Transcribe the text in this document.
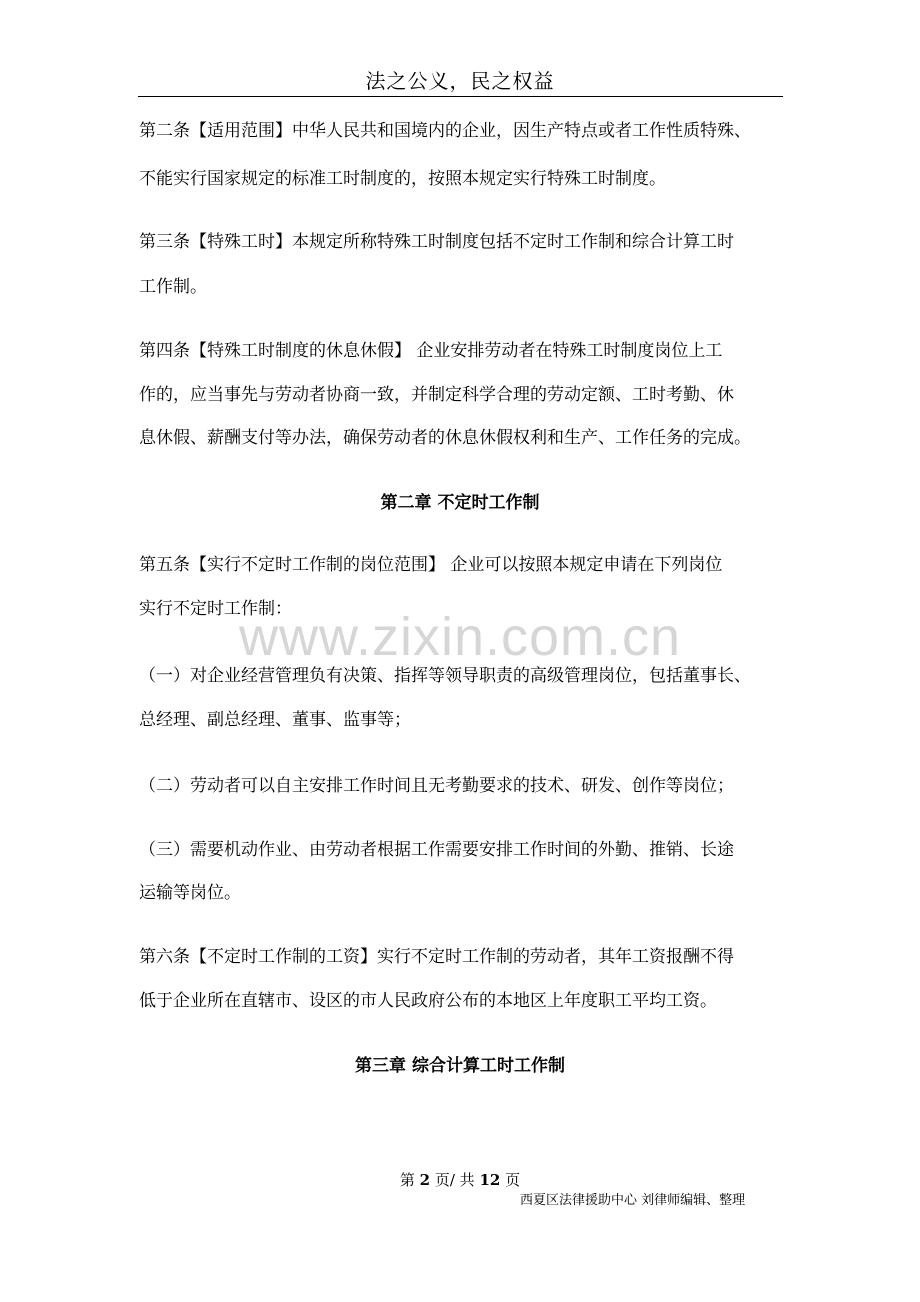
法之公义，民之权益
www.zixin.com.cn
第二条【适用范围】中华人民共和国境内的企业，因生产特点或者工作性质特殊、
不能实行国家规定的标准工时制度的，按照本规定实行特殊工时制度。
第三条【特殊工时】本规定所称特殊工时制度包括不定时工作制和综合计算工时
工作制。
第四条【特殊工时制度的休息休假】 企业安排劳动者在特殊工时制度岗位上工
作的，应当事先与劳动者协商一致，并制定科学合理的劳动定额、工时考勤、休
息休假、薪酬支付等办法，确保劳动者的休息休假权利和生产、工作任务的完成。
第二章 不定时工作制
第五条【实行不定时工作制的岗位范围】 企业可以按照本规定申请在下列岗位
实行不定时工作制：
（一）对企业经营管理负有决策、指挥等领导职责的高级管理岗位，包括董事长、
总经理、副总经理、董事、监事等；
（二）劳动者可以自主安排工作时间且无考勤要求的技术、研发、创作等岗位；
（三）需要机动作业、由劳动者根据工作需要安排工作时间的外勤、推销、长途
运输等岗位。
第六条【不定时工作制的工资】实行不定时工作制的劳动者，其年工资报酬不得
低于企业所在直辖市、设区的市人民政府公布的本地区上年度职工平均工资。
第三章 综合计算工时工作制
第 2 页/ 共 12 页
西夏区法律援助中心 刘律师编辑、整理
